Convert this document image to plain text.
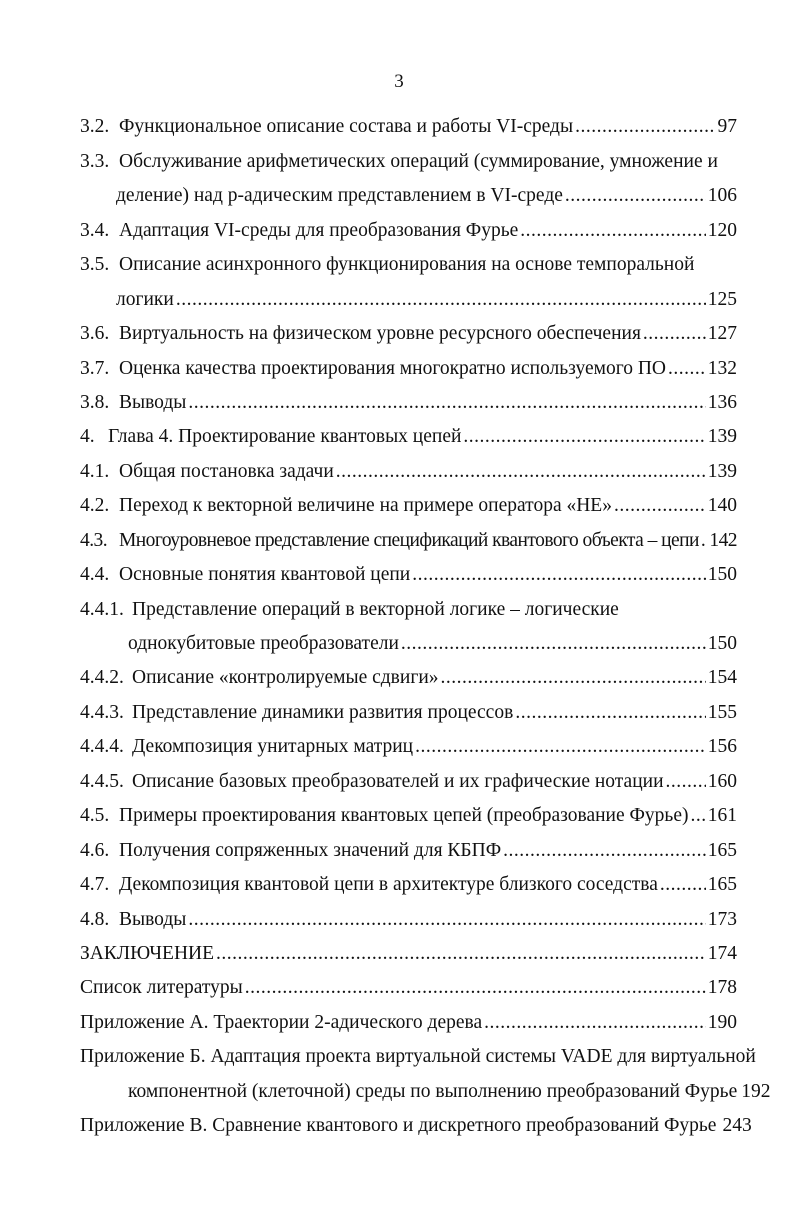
3
3.2. Функциональное описание состава и работы VI-среды .....	97
3.3. Обслуживание арифметических операций (суммирование, умножение и
деление) над p-адическим представлением в VI-среде .....	106
3.4. Адаптация VI-среды для преобразования Фурье .....	120
3.5. Описание асинхронного функционирования на основе темпоральной
логики .....	125
3.6. Виртуальность на физическом уровне ресурсного обеспечения .....	127
3.7. Оценка качества проектирования многократно используемого ПО ..... 132
3.8. Выводы .....	136
4. Глава 4. Проектирование квантовых цепей .....	139
4.1. Общая постановка задачи .....	139
4.2. Переход к векторной величине на примере оператора «НЕ» .....	140
4.3. Многоуровневое представление спецификаций квантового объекта – цепи ..... 142
4.4. Основные понятия квантовой цепи .....	150
4.4.1. Представление операций в векторной логике – логические
однокубитовые преобразователи .....	150
4.4.2. Описание «контролируемые сдвиги» .....	154
4.4.3. Представление динамики развития процессов .....	155
4.4.4. Декомпозиция унитарных матриц .....	156
4.4.5. Описание базовых преобразователей и их графические нотации ..... 160
4.5. Примеры проектирования квантовых цепей (преобразование Фурье) ..... 161
4.6. Получения сопряженных значений для КБПФ .....	165
4.7. Декомпозиция квантовой цепи в архитектуре близкого соседства .....	165
4.8. Выводы .....	173
ЗАКЛЮЧЕНИЕ .....	174
Список литературы .....	178
Приложение А. Траектории 2-адического дерева .....	190
Приложение Б. Адаптация проекта виртуальной системы VADE для виртуальной
компонентной (клеточной) среды по выполнению преобразований Фурье 192
Приложение В. Сравнение квантового и дискретного преобразований Фурье 243
